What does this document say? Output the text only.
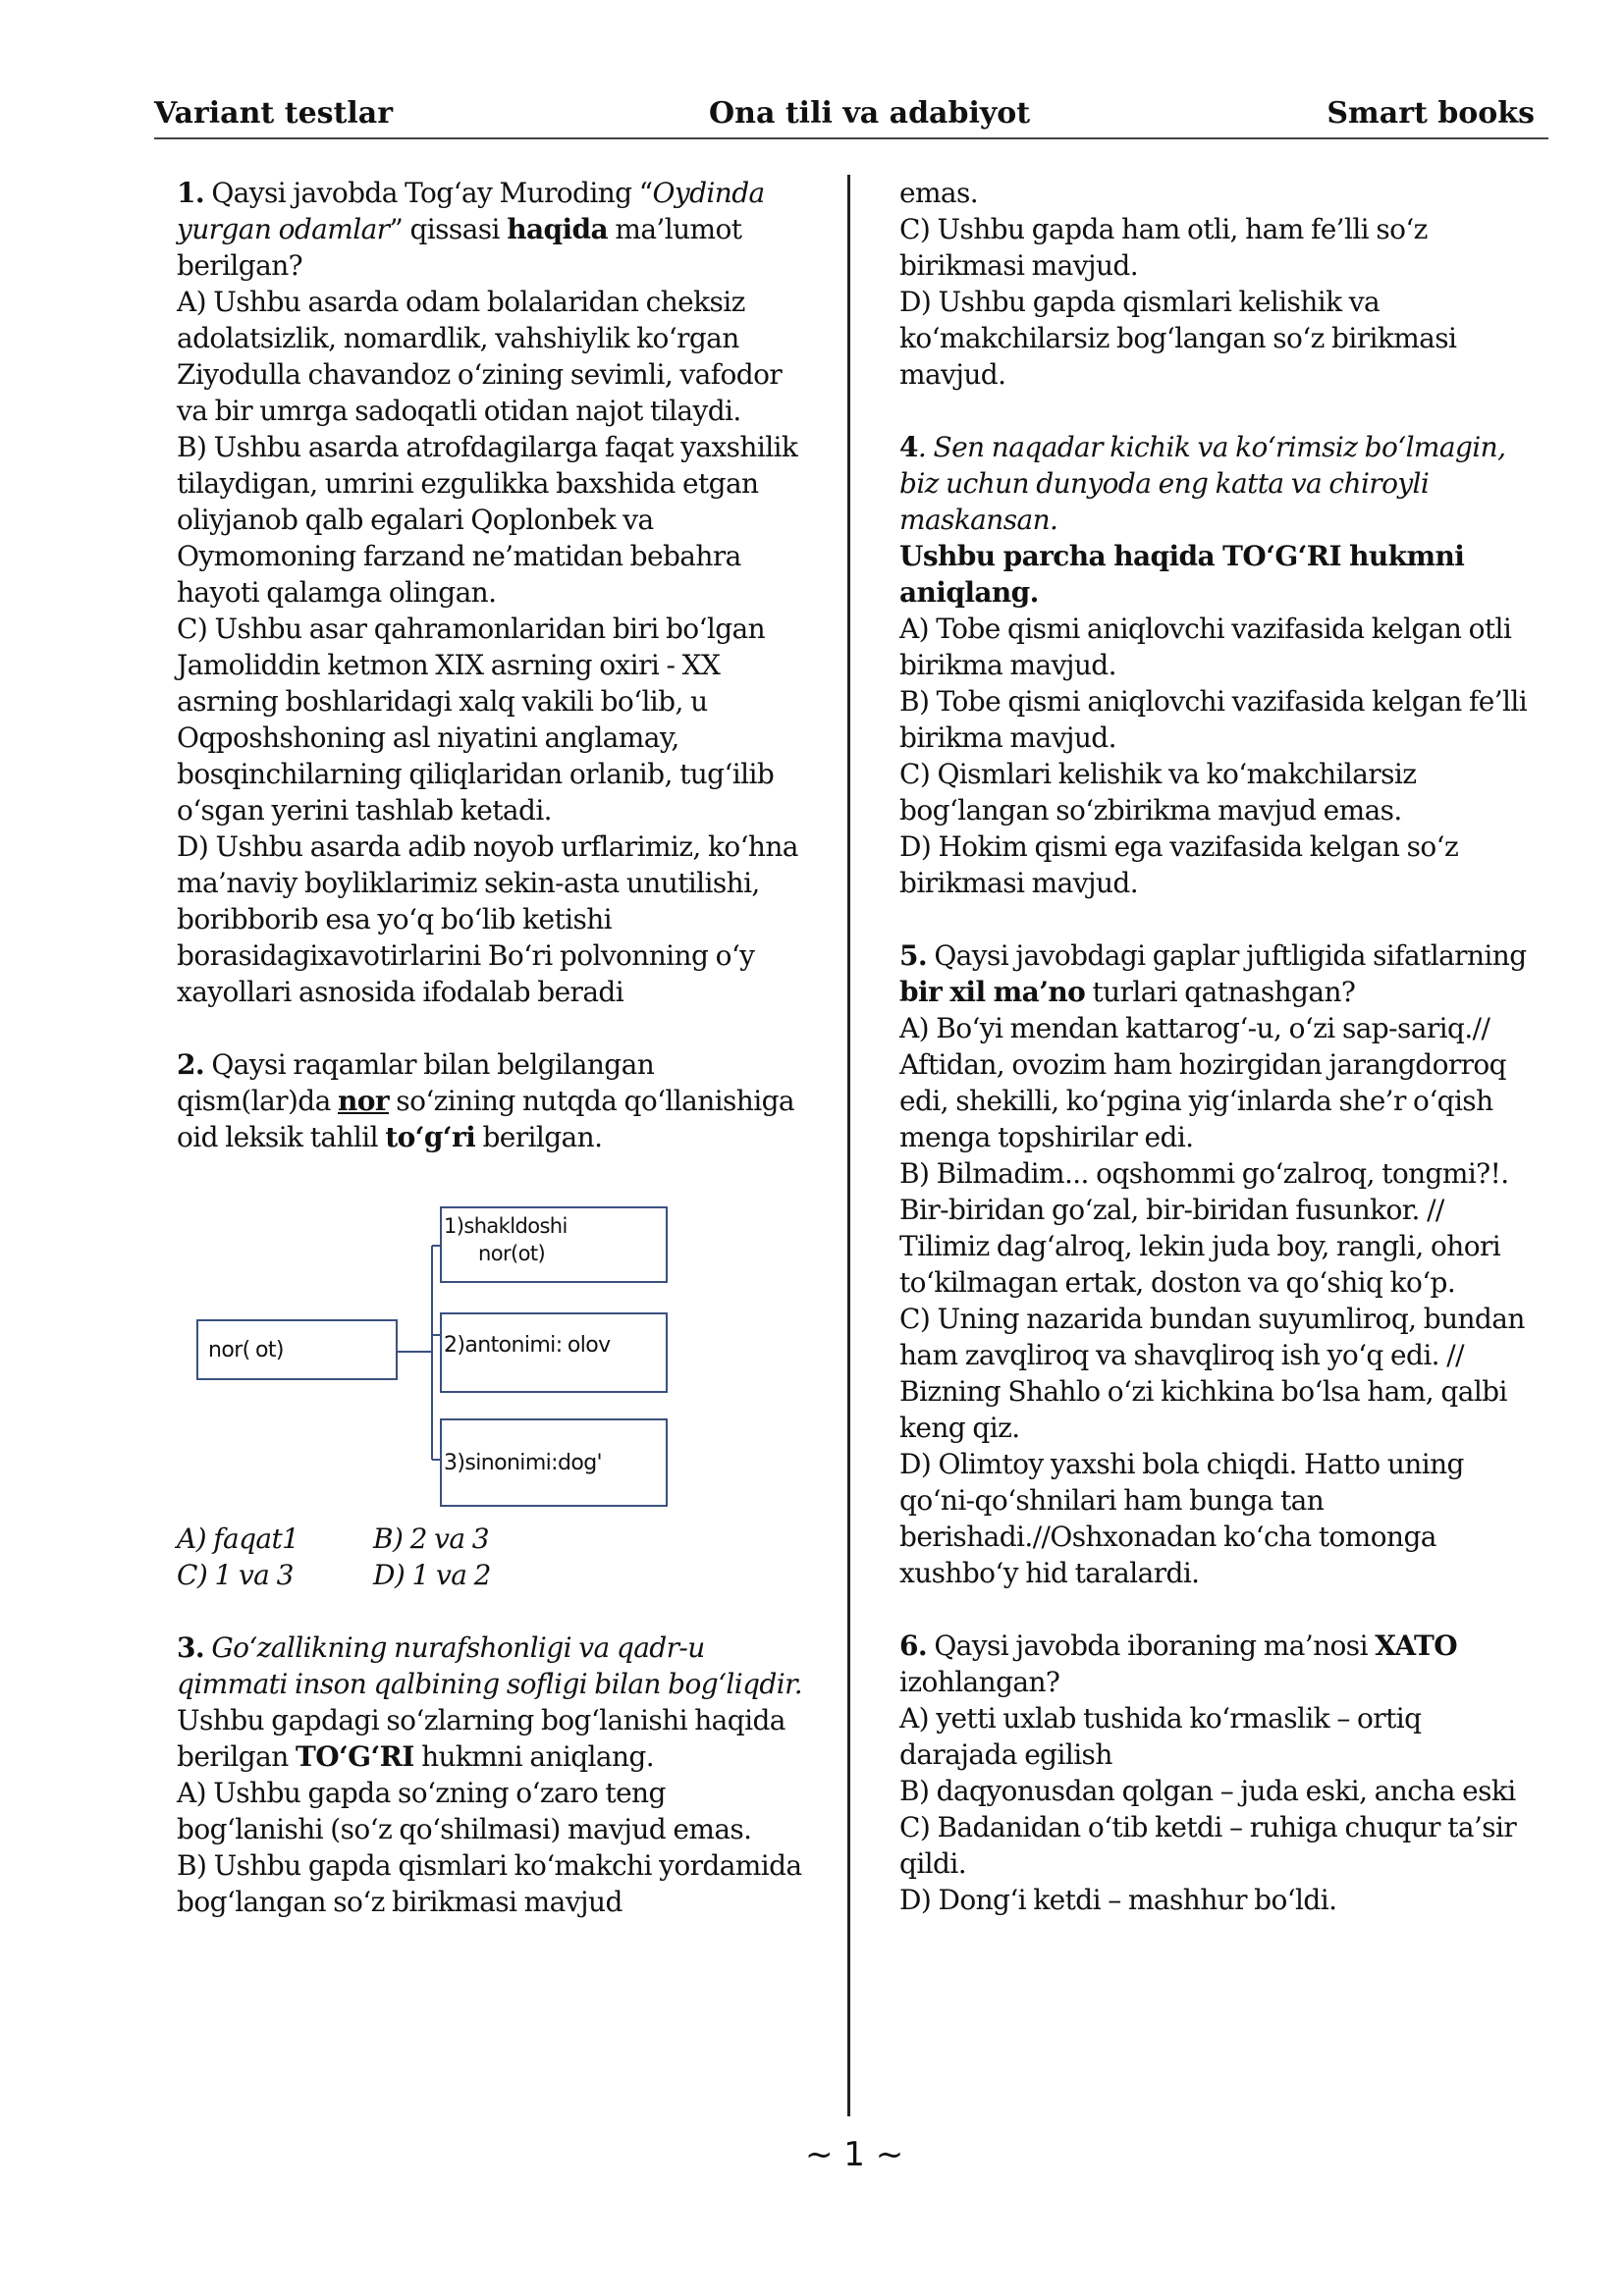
Variant testlar	Ona tili va adabiyot	Smart books

1. Qaysi javobda Tog‘ay Muroding “Oydinda yurgan odamlar” qissasi haqida ma’lumot berilgan?

A) Ushbu asarda odam bolalaridan cheksiz adolatsizlik, nomardlik, vahshiylik ko‘rgan Ziyodulla chavandoz o‘zining sevimli, vafodor va bir umrga sadoqatli otidan najot tilaydi.

B) Ushbu asarda atrofdagilarga faqat yaxshilik tilaydigan, umrini ezgulikka baxshida etgan oliyjanob qalb egalari Qoplonbek va Oymomoning farzand ne’matidan bebahra hayoti qalamga olingan.

C) Ushbu asar qahramonlaridan biri bo‘lgan Jamoliddin ketmon XIX asrning oxiri - XX asrning boshlaridagi xalq vakili bo‘lib, u Oqposhshoning asl niyatini anglamay, bosqinchilarning qiliqlaridan orlanib, tug‘ilib o‘sgan yerini tashlab ketadi.

D) Ushbu asarda adib noyob urflarimiz, ko‘hna ma’naviy boyliklarimiz sekin-asta unutilishi, boribborib esa yo‘q bo‘lib ketishi borasidagixavotirlarini Bo‘ri polvonning o‘y xayollari asnosida ifodalab beradi

2. Qaysi raqamlar bilan belgilangan qism(lar)da nor so‘zining nutqda qo‘llanishiga oid leksik tahlil to‘g‘ri berilgan.

nor( ot)
1)shakldoshi
nor(ot)
2)antonimi: olov
3)sinonimi:dog'
A) faqat1	B) 2 va 3
C) 1 va 3	D) 1 va 2

3. Go‘zallikning nurafshonligi va qadr-u qimmati inson qalbining sofligi bilan bog‘liqdir.

Ushbu gapdagi so‘zlarning bog‘lanishi haqida berilgan TO‘G‘RI hukmni aniqlang.

A) Ushbu gapda so‘zning o‘zaro teng bog‘lanishi (so‘z qo‘shilmasi) mavjud emas.

B) Ushbu gapda qismlari ko‘makchi yordamida bog‘langan so‘z birikmasi mavjud

emas.

C) Ushbu gapda ham otli, ham fe’lli so‘z birikmasi mavjud.

D) Ushbu gapda qismlari kelishik va ko‘makchilarsiz bog‘langan so‘z birikmasi mavjud.

4. Sen naqadar kichik va ko‘rimsiz bo‘lmagin, biz uchun dunyoda eng katta va chiroyli maskansan.

Ushbu parcha haqida TO‘G‘RI hukmni aniqlang.

A) Tobe qismi aniqlovchi vazifasida kelgan otli birikma mavjud.

B) Tobe qismi aniqlovchi vazifasida kelgan fe’lli birikma mavjud.

C) Qismlari kelishik va ko‘makchilarsiz bog‘langan so‘zbirikma mavjud emas.

D) Hokim qismi ega vazifasida kelgan so‘z birikmasi mavjud.

5. Qaysi javobdagi gaplar juftligida sifatlarning bir xil ma’no turlari qatnashgan?

A) Bo‘yi mendan kattarog‘-u, o‘zi sap-sariq.// Aftidan, ovozim ham hozirgidan jarangdorroq edi, shekilli, ko‘pgina yig‘inlarda she’r o‘qish menga topshirilar edi.

B) Bilmadim... oqshommi go‘zalroq, tongmi?!. Bir-biridan go‘zal, bir-biridan fusunkor. // Tilimiz dag‘alroq, lekin juda boy, rangli, ohori to‘kilmagan ertak, doston va qo‘shiq ko‘p.

C) Uning nazarida bundan suyumliroq, bundan ham zavqliroq va shavqliroq ish yo‘q edi. // Bizning Shahlo o‘zi kichkina bo‘lsa ham, qalbi keng qiz.

D) Olimtoy yaxshi bola chiqdi. Hatto uning qo‘ni-qo‘shnilari ham bunga tan berishadi.//Oshxonadan ko‘cha tomonga xushbo‘y hid taralardi.

6. Qaysi javobda iboraning ma’nosi XATO izohlangan?

A) yetti uxlab tushida ko‘rmaslik – ortiq darajada egilish

B) daqyonusdan qolgan – juda eski, ancha eski

C) Badanidan o‘tib ketdi – ruhiga chuqur ta’sir qildi.

D) Dong‘i ketdi – mashhur bo‘ldi.

~ 1 ~
